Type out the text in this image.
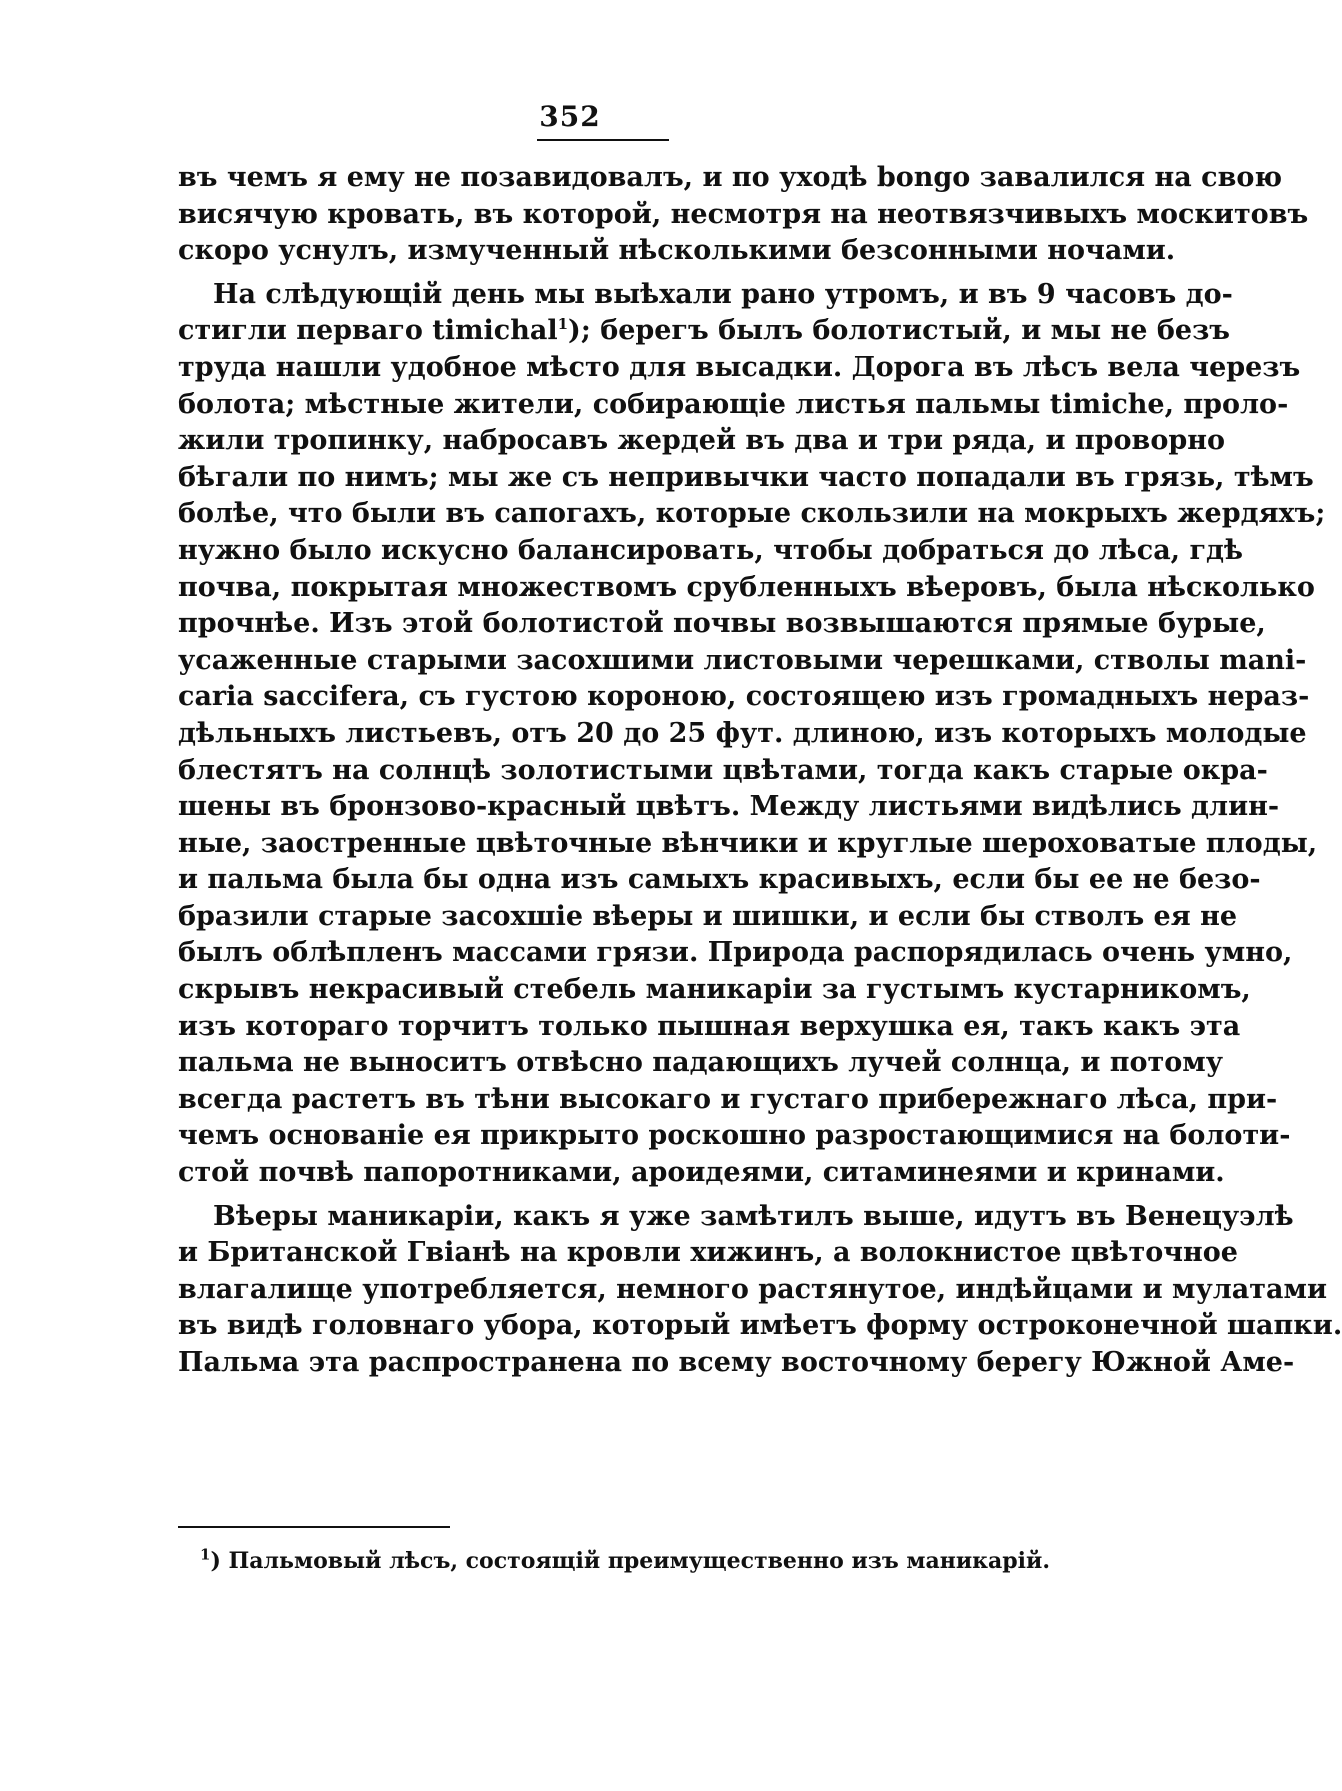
352
въ чемъ я ему не позавидовалъ, и по уходѣ bongo завалился на свою
висячую кровать, въ которой, несмотря на неотвязчивыхъ москитовъ
скоро уснулъ, измученный нѣсколькими безсонными ночами.
На слѣдующій день мы выѣхали рано утромъ, и въ 9 часовъ до-
стигли перваго timichal$^1$); берегъ былъ болотистый, и мы не безъ
труда нашли удобное мѣсто для высадки. Дорога въ лѣсъ вела черезъ
болота; мѣстные жители, собирающіе листья пальмы timiche, проло-
жили тропинку, набросавъ жердей въ два и три ряда, и проворно
бѣгали по нимъ; мы же съ непривычки часто попадали въ грязь, тѣмъ
болѣе, что были въ сапогахъ, которые скользили на мокрыхъ жердяхъ;
нужно было искусно балансировать, чтобы добраться до лѣса, гдѣ
почва, покрытая множествомъ срубленныхъ вѣеровъ, была нѣсколько
прочнѣе. Изъ этой болотистой почвы возвышаются прямые бурые,
усаженные старыми засохшими листовыми черешками, стволы mani-
caria saccifera, съ густою короною, состоящею изъ громадныхъ нераз-
дѣльныхъ листьевъ, отъ 20 до 25 фут. длиною, изъ которыхъ молодые
блестятъ на солнцѣ золотистыми цвѣтами, тогда какъ старые окра-
шены въ бронзово-красный цвѣтъ. Между листьями видѣлись длин-
ные, заостренные цвѣточные вѣнчики и круглые шероховатые плоды,
и пальма была бы одна изъ самыхъ красивыхъ, если бы ее не безо-
бразили старые засохшіе вѣеры и шишки, и если бы стволъ ея не
былъ облѣпленъ массами грязи. Природа распорядилась очень умно,
скрывъ некрасивый стебель маникаріи за густымъ кустарникомъ,
изъ котораго торчитъ только пышная верхушка ея, такъ какъ эта
пальма не выноситъ отвѣсно падающихъ лучей солнца, и потому
всегда растетъ въ тѣни высокаго и густаго прибережнаго лѣса, при-
чемъ основаніе ея прикрыто роскошно разростающимися на болоти-
стой почвѣ папоротниками, ароидеями, ситаминеями и кринами.
Вѣеры маникаріи, какъ я уже замѣтилъ выше, идутъ въ Венецуэлѣ
и Британской Гвіанѣ на кровли хижинъ, а волокнистое цвѣточное
влагалище употребляется, немного растянутое, индѣйцами и мулатами
въ видѣ головнаго убора, который имѣетъ форму остроконечной шапки.
Пальма эта распространена по всему восточному берегу Южной Аме-
$^1$) Пальмовый лѣсъ, состоящій преимущественно изъ маникарій.
